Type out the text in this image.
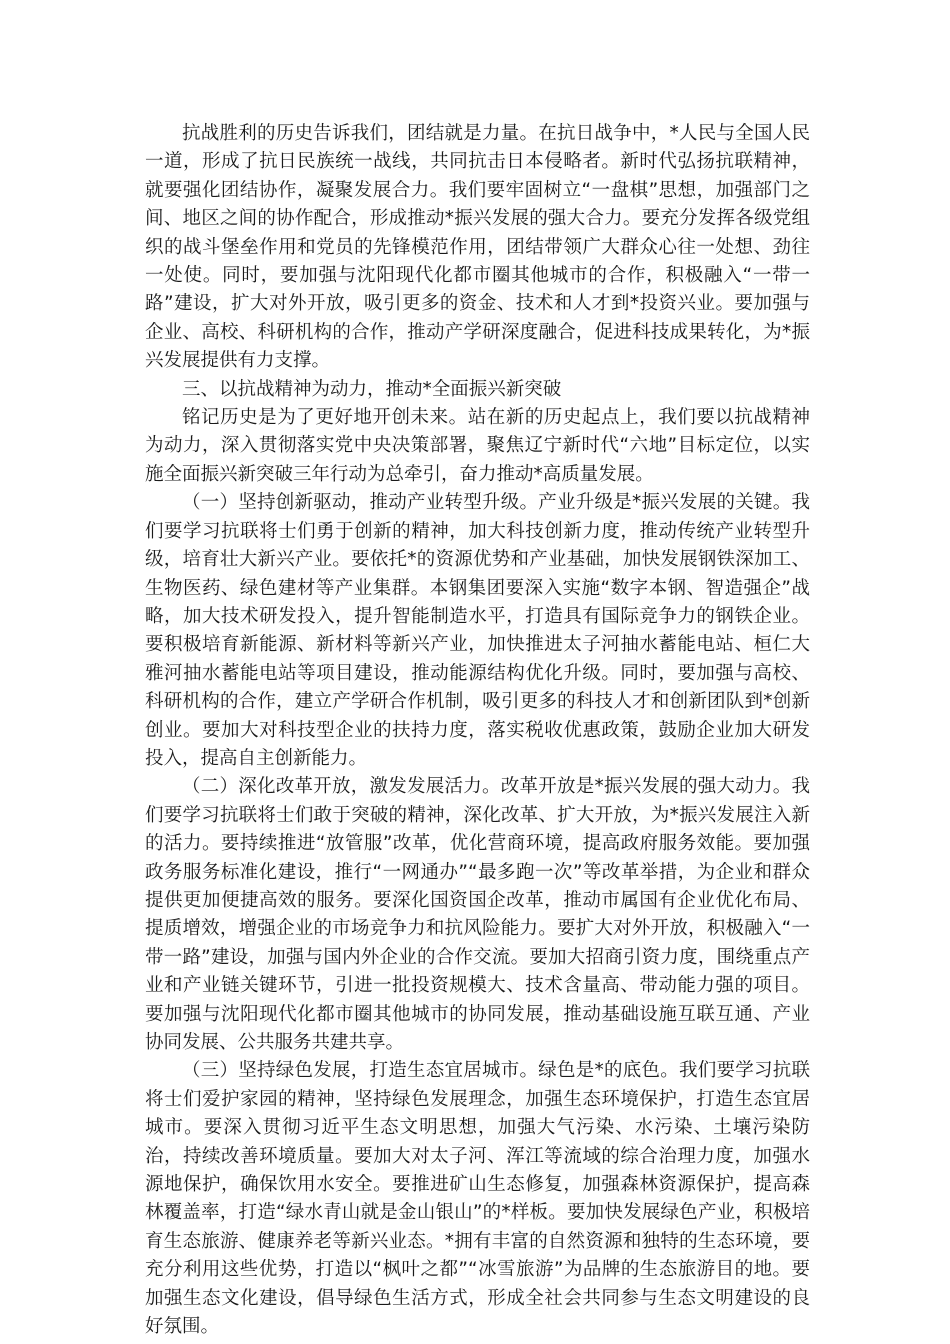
抗战胜利的历史告诉我们，团结就是力量。在抗日战争中，*人民与全国人民一道，形成了抗日民族统一战线，共同抗击日本侵略者。新时代弘扬抗联精神，就要强化团结协作，凝聚发展合力。我们要牢固树立“一盘棋”思想，加强部门之间、地区之间的协作配合，形成推动*振兴发展的强大合力。要充分发挥各级党组织的战斗堡垒作用和党员的先锋模范作用，团结带领广大群众心往一处想、劲往一处使。同时，要加强与沈阳现代化都市圈其他城市的合作，积极融入“一带一路”建设，扩大对外开放，吸引更多的资金、技术和人才到*投资兴业。要加强与企业、高校、科研机构的合作，推动产学研深度融合，促进科技成果转化，为*振兴发展提供有力支撑。

三、以抗战精神为动力，推动*全面振兴新突破

铭记历史是为了更好地开创未来。站在新的历史起点上，我们要以抗战精神为动力，深入贯彻落实党中央决策部署，聚焦辽宁新时代“六地”目标定位，以实施全面振兴新突破三年行动为总牵引，奋力推动*高质量发展。

（一）坚持创新驱动，推动产业转型升级。产业升级是*振兴发展的关键。我们要学习抗联将士们勇于创新的精神，加大科技创新力度，推动传统产业转型升级，培育壮大新兴产业。要依托*的资源优势和产业基础，加快发展钢铁深加工、生物医药、绿色建材等产业集群。本钢集团要深入实施“数字本钢、智造强企”战略，加大技术研发投入，提升智能制造水平，打造具有国际竞争力的钢铁企业。要积极培育新能源、新材料等新兴产业，加快推进太子河抽水蓄能电站、桓仁大雅河抽水蓄能电站等项目建设，推动能源结构优化升级。同时，要加强与高校、科研机构的合作，建立产学研合作机制，吸引更多的科技人才和创新团队到*创新创业。要加大对科技型企业的扶持力度，落实税收优惠政策，鼓励企业加大研发投入，提高自主创新能力。

（二）深化改革开放，激发发展活力。改革开放是*振兴发展的强大动力。我们要学习抗联将士们敢于突破的精神，深化改革、扩大开放，为*振兴发展注入新的活力。要持续推进“放管服”改革，优化营商环境，提高政府服务效能。要加强政务服务标准化建设，推行“一网通办”“最多跑一次”等改革举措，为企业和群众提供更加便捷高效的服务。要深化国资国企改革，推动市属国有企业优化布局、提质增效，增强企业的市场竞争力和抗风险能力。要扩大对外开放，积极融入“一带一路”建设，加强与国内外企业的合作交流。要加大招商引资力度，围绕重点产业和产业链关键环节，引进一批投资规模大、技术含量高、带动能力强的项目。要加强与沈阳现代化都市圈其他城市的协同发展，推动基础设施互联互通、产业协同发展、公共服务共建共享。

（三）坚持绿色发展，打造生态宜居城市。绿色是*的底色。我们要学习抗联将士们爱护家园的精神，坚持绿色发展理念，加强生态环境保护，打造生态宜居城市。要深入贯彻习近平生态文明思想，加强大气污染、水污染、土壤污染防治，持续改善环境质量。要加大对太子河、浑江等流域的综合治理力度，加强水源地保护，确保饮用水安全。要推进矿山生态修复，加强森林资源保护，提高森林覆盖率，打造“绿水青山就是金山银山”的*样板。要加快发展绿色产业，积极培育生态旅游、健康养老等新兴业态。*拥有丰富的自然资源和独特的生态环境，要充分利用这些优势，打造以“枫叶之都”“冰雪旅游”为品牌的生态旅游目的地。要加强生态文化建设，倡导绿色生活方式，形成全社会共同参与生态文明建设的良好氛围。
